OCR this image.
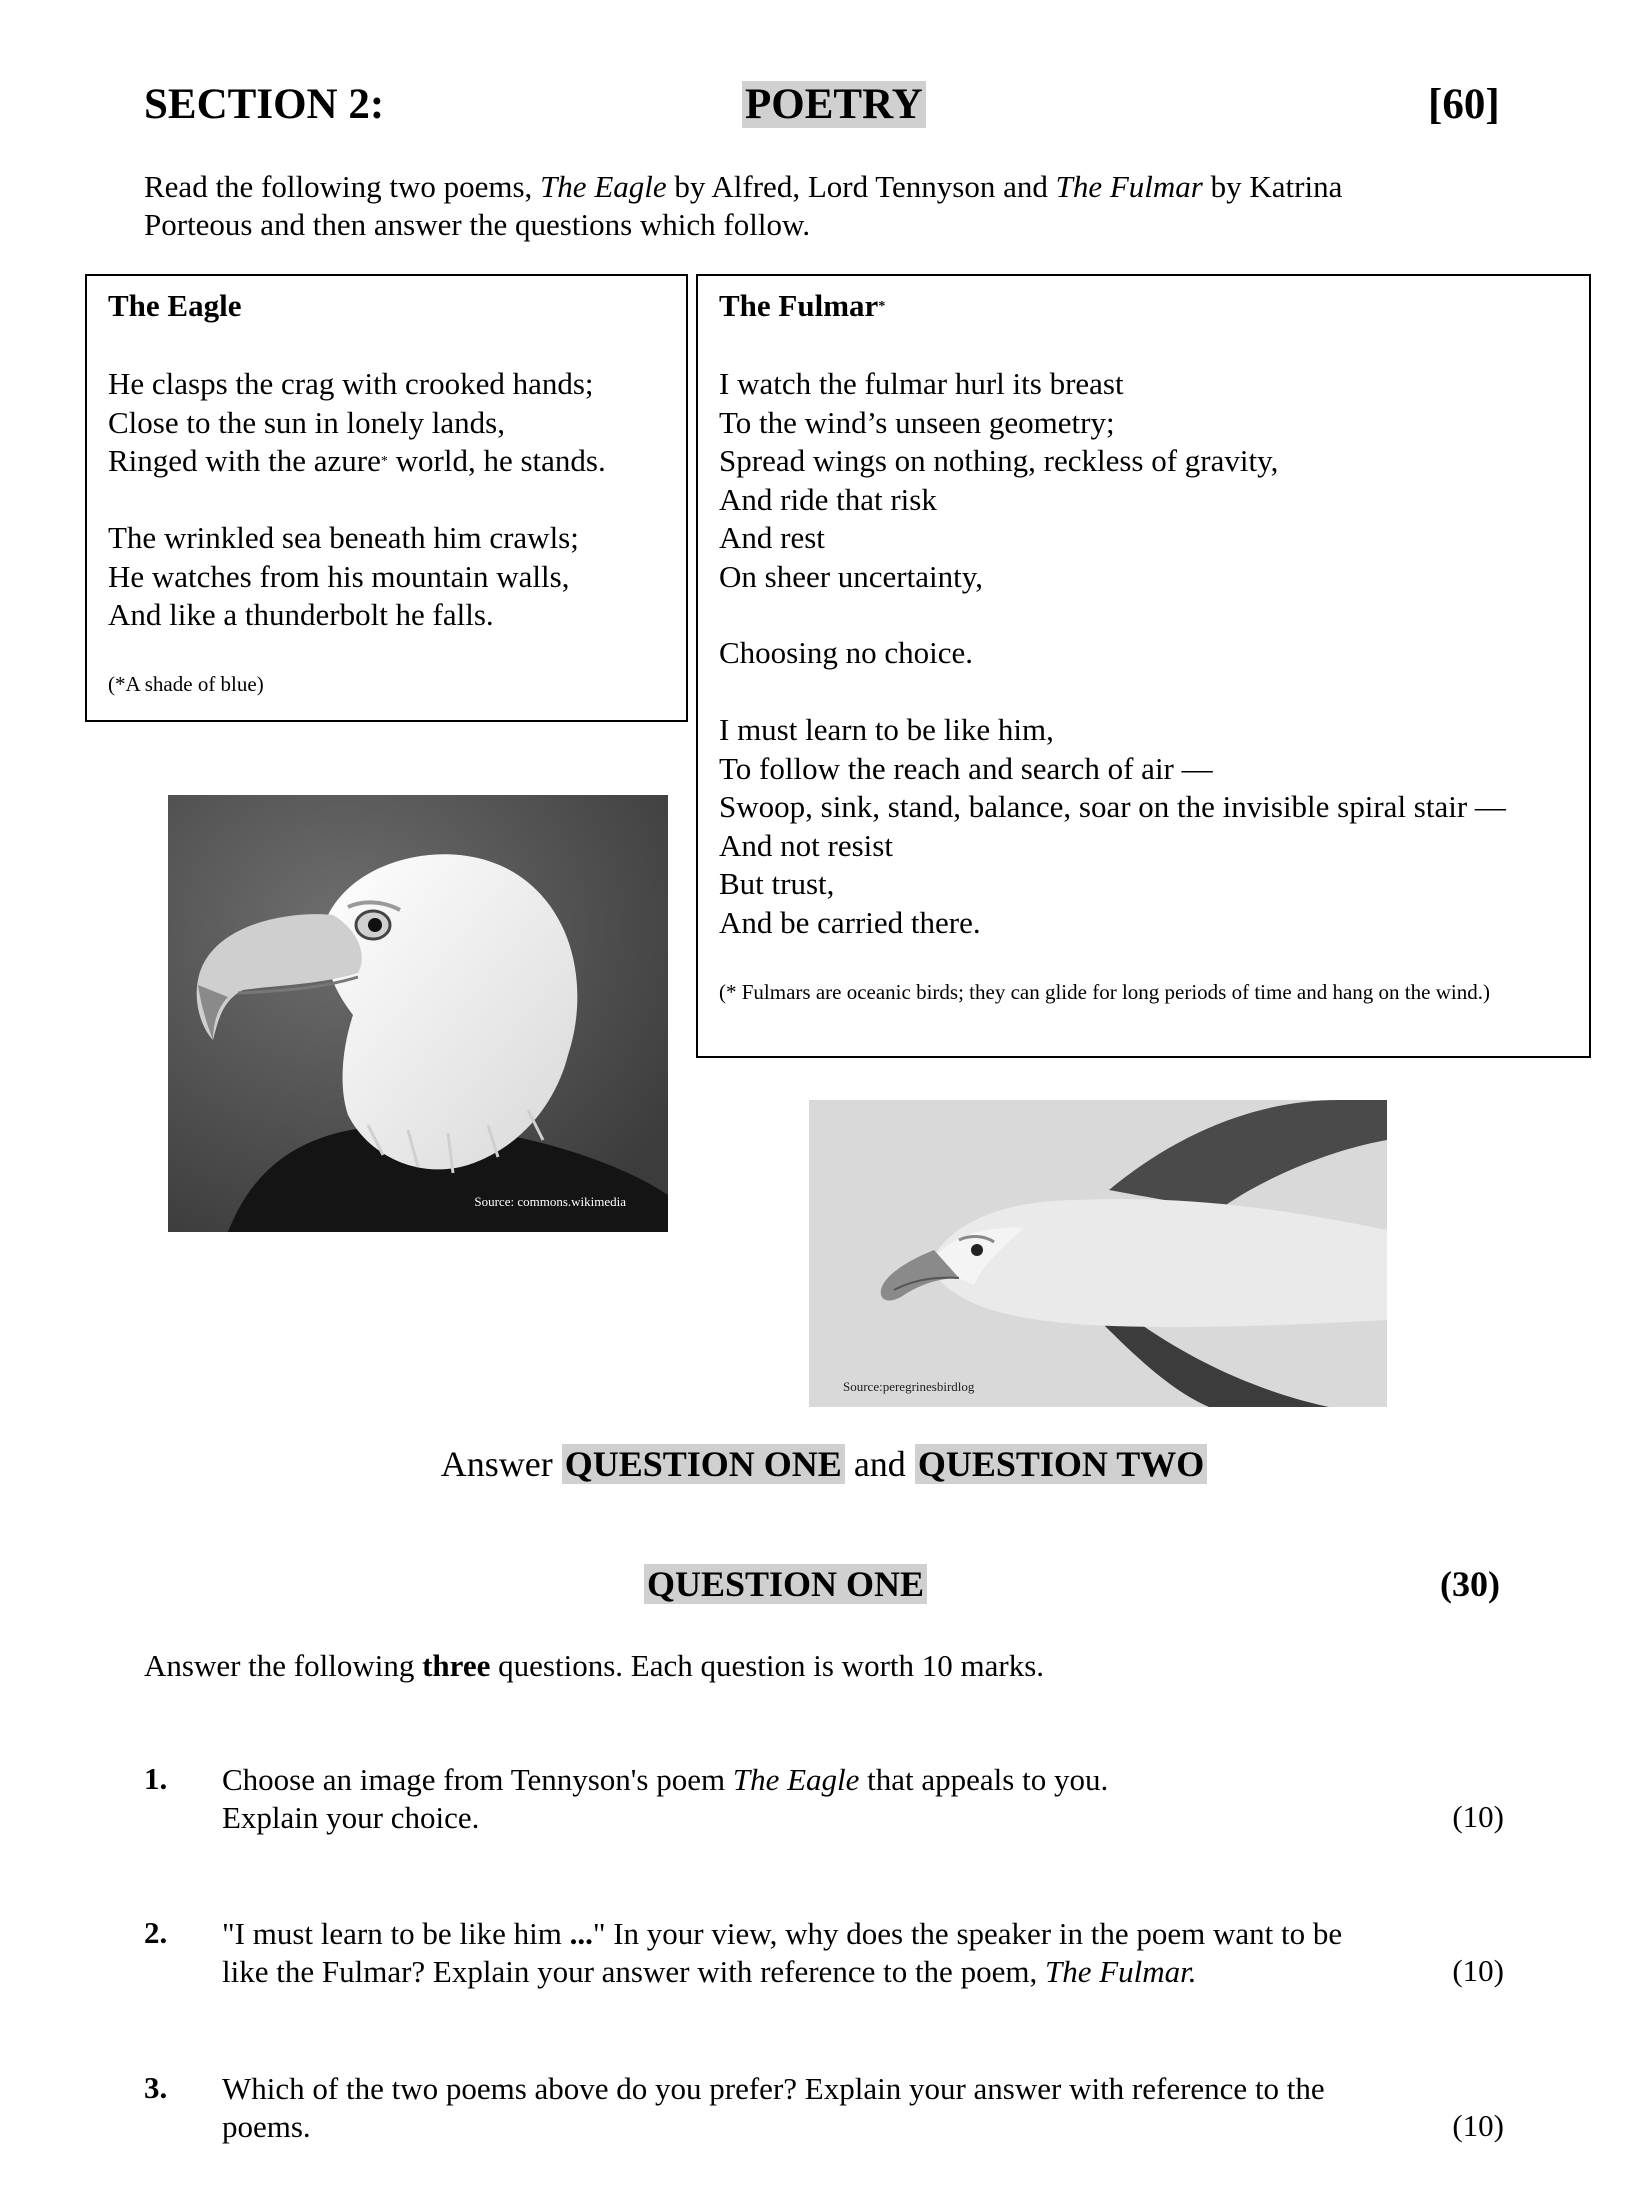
SECTION 2:	POETRY	[60]
Read the following two poems, The Eagle by Alfred, Lord Tennyson and The Fulmar by Katrina
Porteous and then answer the questions which follow.
The Eagle
He clasps the crag with crooked hands;
Close to the sun in lonely lands,
Ringed with the azure* world, he stands.
The wrinkled sea beneath him crawls;
He watches from his mountain walls,
And like a thunderbolt he falls.
(*A shade of blue)
The Fulmar*
I watch the fulmar hurl its breast
To the wind’s unseen geometry;
Spread wings on nothing, reckless of gravity,
And ride that risk
And rest
On sheer uncertainty,
Choosing no choice.
I must learn to be like him,
To follow the reach and search of air —
Swoop, sink, stand, balance, soar on the invisible spiral stair —
And not resist
But trust,
And be carried there.
(* Fulmars are oceanic birds; they can glide for long periods of time and hang on the wind.)
Source: commons.wikimedia
Source:peregrinesbirdlog
Answer QUESTION ONE and QUESTION TWO
QUESTION ONE	(30)
Answer the following three questions. Each question is worth 10 marks.
1. Choose an image from Tennyson's poem The Eagle that appeals to you.
Explain your choice.	(10)
2. "I must learn to be like him ..." In your view, why does the speaker in the poem want to be
like the Fulmar? Explain your answer with reference to the poem, The Fulmar.	(10)
3. Which of the two poems above do you prefer? Explain your answer with reference to the
poems.	(10)
